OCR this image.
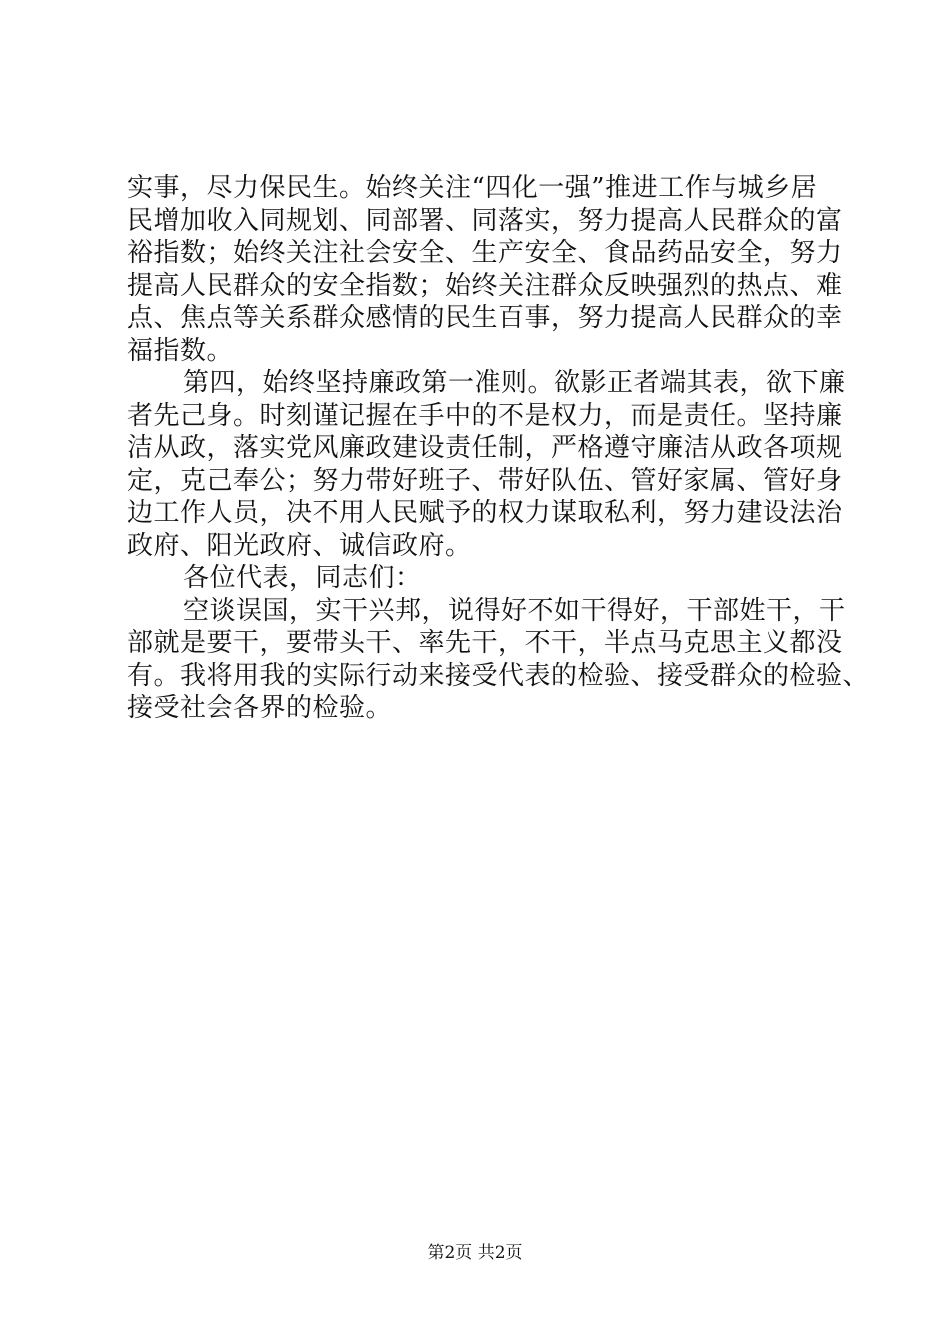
实事，尽力保民生。始终关注“四化一强”推进工作与城乡居
民增加收入同规划、同部署、同落实，努力提高人民群众的富
裕指数；始终关注社会安全、生产安全、食品药品安全，努力
提高人民群众的安全指数；始终关注群众反映强烈的热点、难
点、焦点等关系群众感情的民生百事，努力提高人民群众的幸
福指数。
第四，始终坚持廉政第一准则。欲影正者端其表，欲下廉
者先己身。时刻谨记握在手中的不是权力，而是责任。坚持廉
洁从政，落实党风廉政建设责任制，严格遵守廉洁从政各项规
定，克己奉公；努力带好班子、带好队伍、管好家属、管好身
边工作人员，决不用人民赋予的权力谋取私利，努力建设法治
政府、阳光政府、诚信政府。
各位代表，同志们：
空谈误国，实干兴邦，说得好不如干得好，干部姓干，干
部就是要干，要带头干、率先干，不干，半点马克思主义都没
有。我将用我的实际行动来接受代表的检验、接受群众的检验、
接受社会各界的检验。
第2页 共2页
